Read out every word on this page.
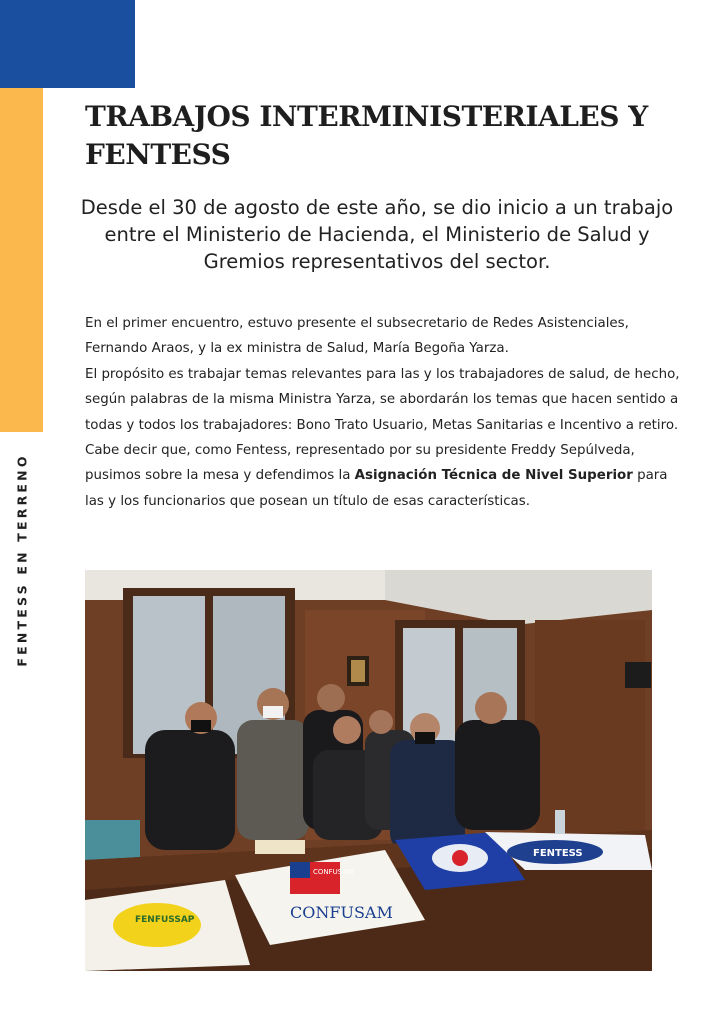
FENTESS EN TERRENO
TRABAJOS INTERMINISTERIALES Y
FENTESS

Desde el 30 de agosto de este año, se dio inicio a un trabajo entre el Ministerio de Hacienda, el Ministerio de Salud y Gremios representativos del sector.

En el primer encuentro, estuvo presente el subsecretario de Redes Asistenciales, Fernando Araos, y la ex ministra de Salud, María Begoña Yarza.

El propósito es trabajar temas relevantes para las y los trabajadores de salud, de hecho, según palabras de la misma Ministra Yarza, se abordarán los temas que hacen sentido a todas y todos los trabajadores: Bono Trato Usuario, Metas Sanitarias e Incentivo a retiro.

Cabe decir que, como Fentess, representado por su presidente Freddy Sepúlveda, pusimos sobre la mesa y defendimos la Asignación Técnica de Nivel Superior para las y los funcionarios que posean un título de esas características.

FENFUSSAP
CONFUSAM
CONFUSAM
FENTESS
